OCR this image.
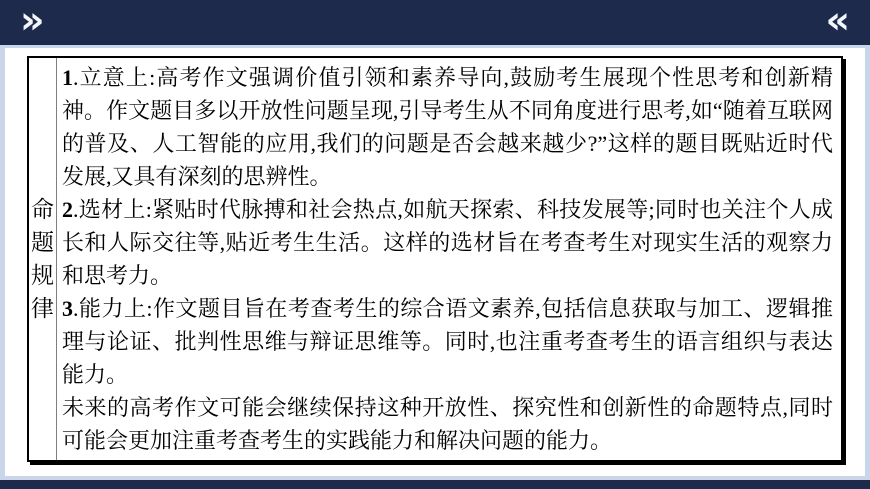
»	«
命
题
规
律

1.立意上:高考作文强调价值引领和素养导向,鼓励考生展现个性思考和创新精神。作文题目多以开放性问题呈现,引导考生从不同角度进行思考,如“随着互联网的普及、人工智能的应用,我们的问题是否会越来越少?”这样的题目既贴近时代发展,又具有深刻的思辨性。

2.选材上:紧贴时代脉搏和社会热点,如航天探索、科技发展等;同时也关注个人成长和人际交往等,贴近考生生活。这样的选材旨在考查考生对现实生活的观察力和思考力。

3.能力上:作文题目旨在考查考生的综合语文素养,包括信息获取与加工、逻辑推理与论证、批判性思维与辩证思维等。同时,也注重考查考生的语言组织与表达能力。

未来的高考作文可能会继续保持这种开放性、探究性和创新性的命题特点,同时可能会更加注重考查考生的实践能力和解决问题的能力。
